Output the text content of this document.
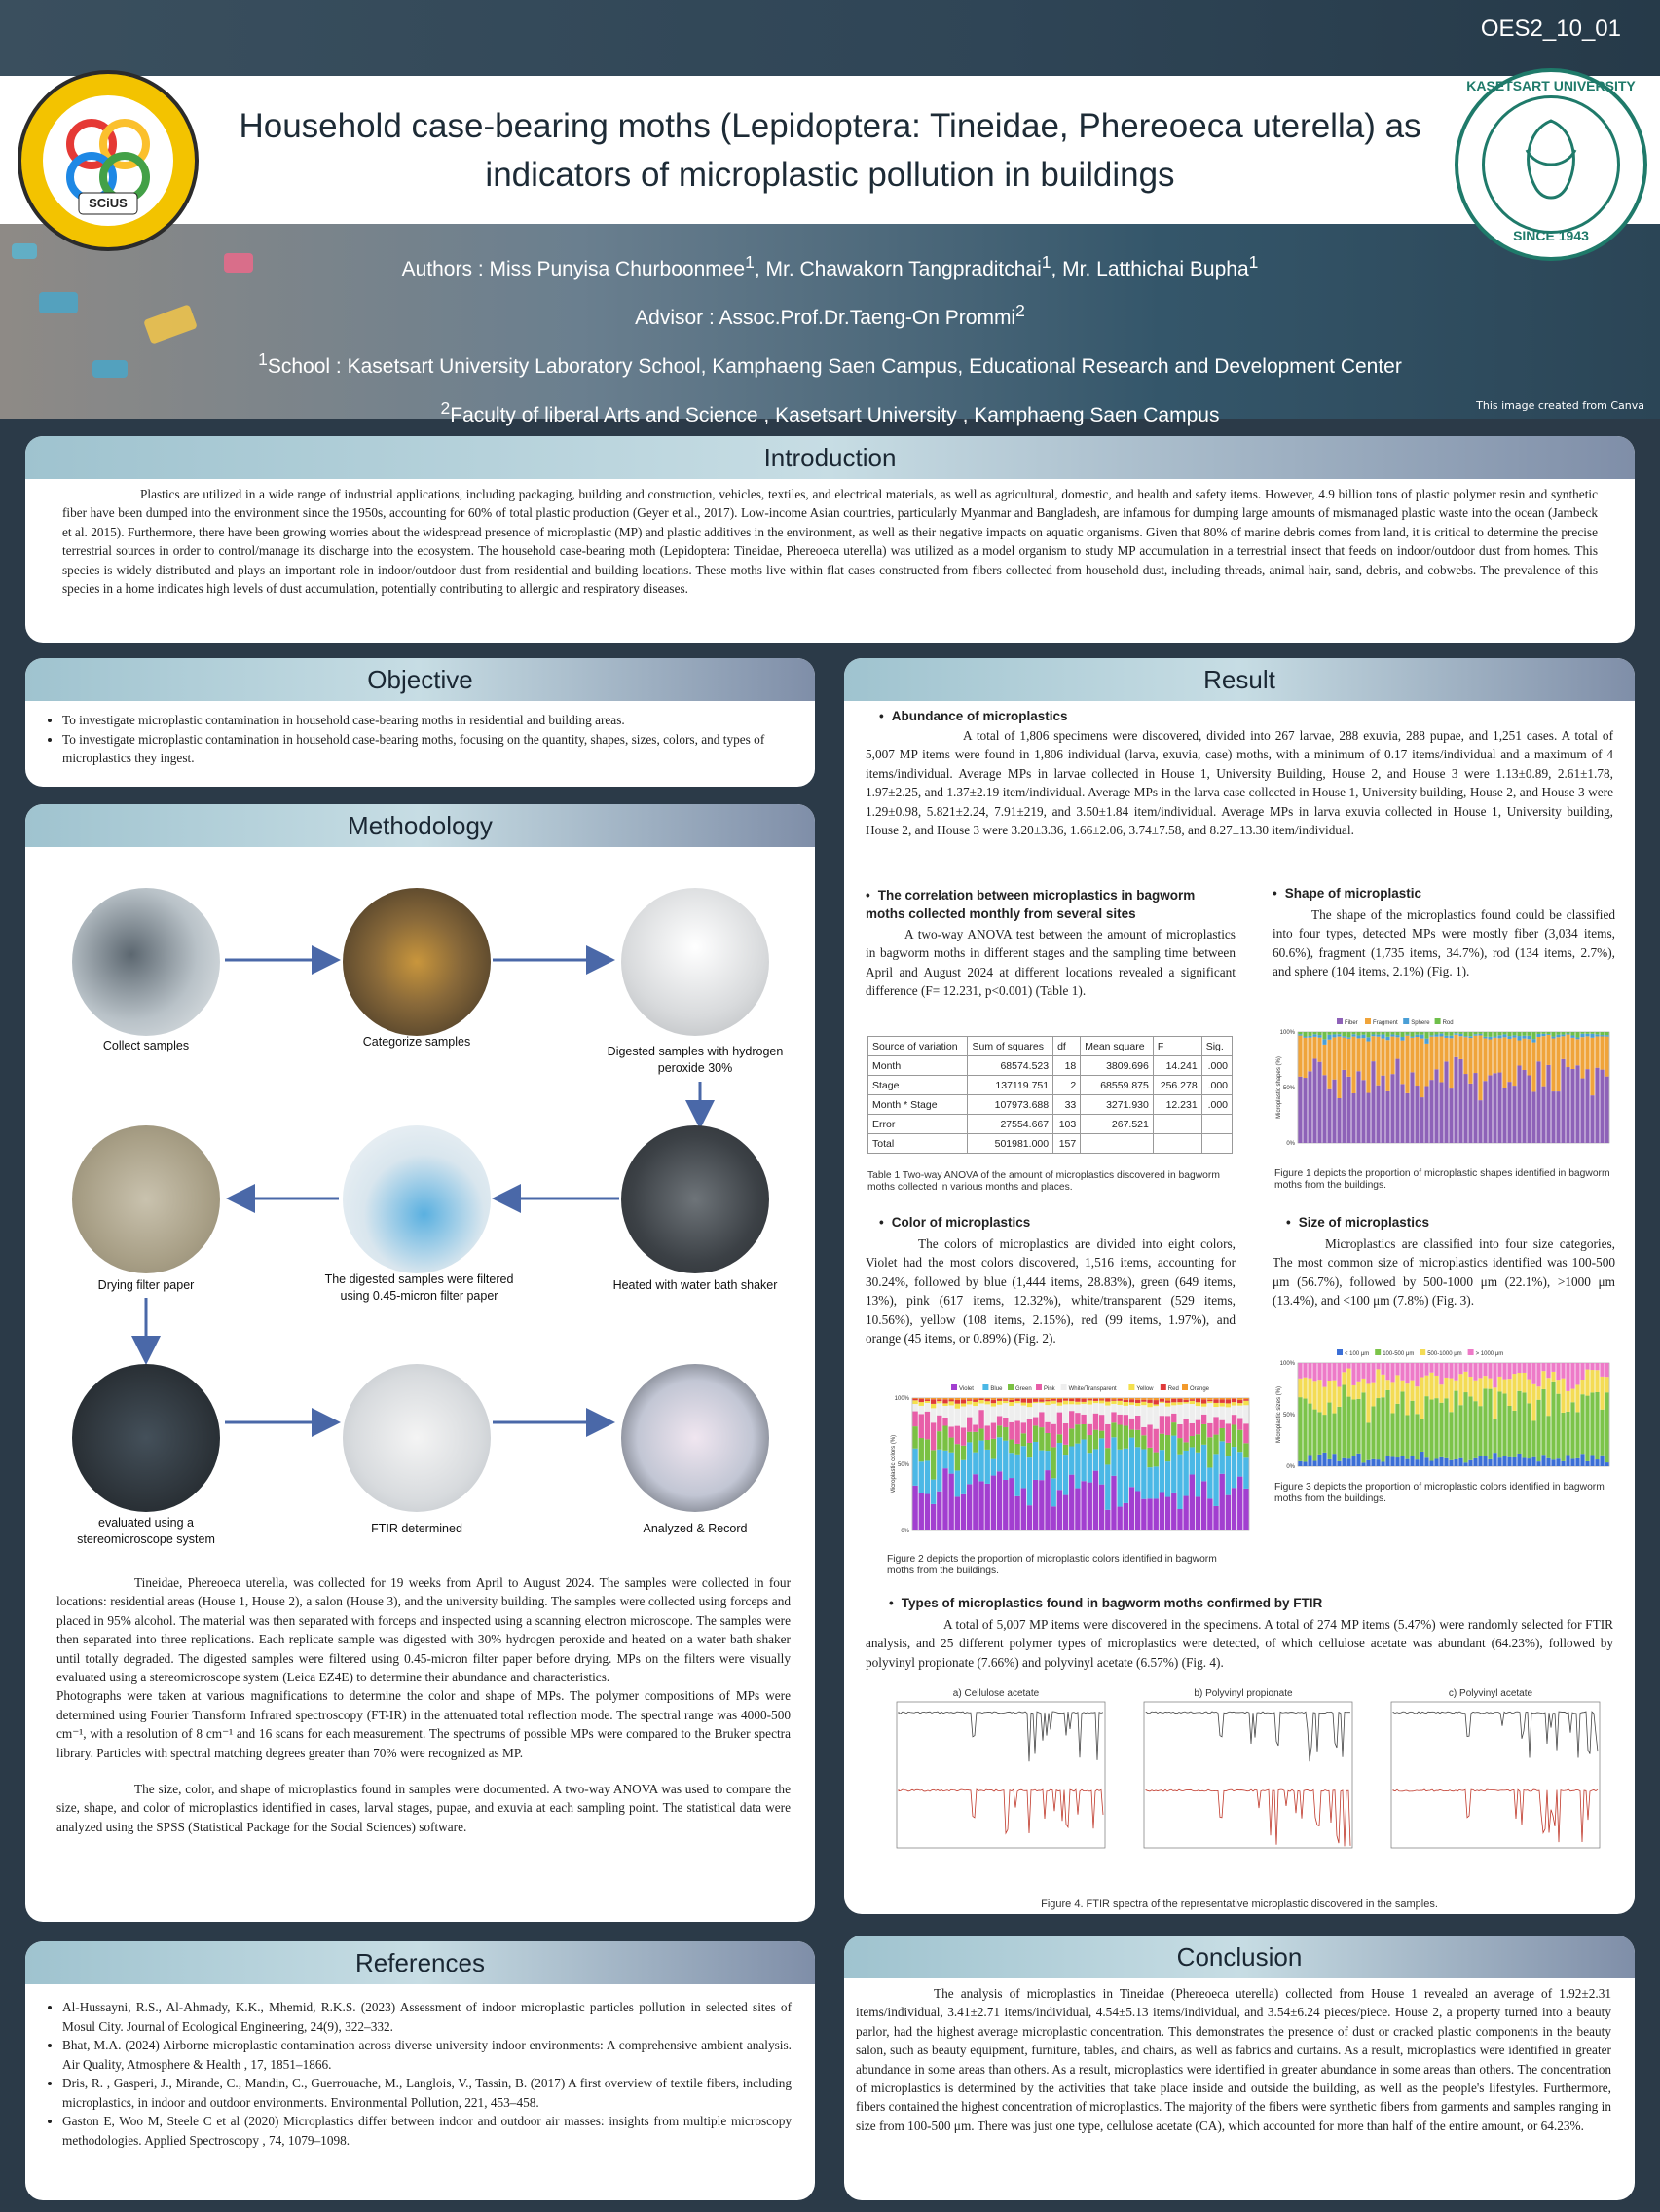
OES2_10_01
SCiUS
Household case-bearing moths (Lepidoptera: Tineidae, Phereoeca uterella) as indicators of microplastic pollution in buildings
KASETSART UNIVERSITY
SINCE 1943
Authors : Miss Punyisa Churboonmee$^1$, Mr. Chawakorn Tangpraditchai$^1$, Mr. Latthichai Bupha$^1$
Advisor : Assoc.Prof.Dr.Taeng-On Prommi$^2$
$^1$School : Kasetsart University Laboratory School, Kamphaeng Saen Campus, Educational Research and Development Center
$^2$Faculty of liberal Arts and Science , Kasetsart University , Kamphaeng Saen Campus	This image created from Canva
Introduction
Plastics are utilized in a wide range of industrial applications, including packaging, building and construction, vehicles, textiles, and electrical materials, as well as agricultural, domestic, and health and safety items. However, 4.9 billion tons of plastic polymer resin and synthetic fiber have been dumped into the environment since the 1950s, accounting for 60% of total plastic production (Geyer et al., 2017). Low-income Asian countries, particularly Myanmar and Bangladesh, are infamous for dumping large amounts of mismanaged plastic waste into the ocean (Jambeck et al. 2015). Furthermore, there have been growing worries about the widespread presence of microplastic (MP) and plastic additives in the environment, as well as their negative impacts on aquatic organisms. Given that 80% of marine debris comes from land, it is critical to determine the precise terrestrial sources in order to control/manage its discharge into the ecosystem. The household case-bearing moth (Lepidoptera: Tineidae, Phereoeca uterella) was utilized as a model organism to study MP accumulation in a terrestrial insect that feeds on indoor/outdoor dust from homes. This species is widely distributed and plays an important role in indoor/outdoor dust from residential and building locations. These moths live within flat cases constructed from fibers collected from household dust, including threads, animal hair, sand, debris, and cobwebs. The prevalence of this species in a home indicates high levels of dust accumulation, potentially contributing to allergic and respiratory diseases.
Objective
• To investigate microplastic contamination in household case-bearing moths in residential and building areas.
• To investigate microplastic contamination in household case-bearing moths, focusing on the quantity, shapes, sizes, colors, and types of microplastics they ingest.
Methodology
Collect samples	Categorize samples
Digested samples with hydrogen peroxide 30%
Drying filter paper	The digested samples were filtered using 0.45-micron filter paper
Heated with water bath shaker
evaluated using a stereomicroscope system
FTIR determined	Analyzed & Record

Tineidae, Phereoeca uterella, was collected for 19 weeks from April to August 2024. The samples were collected in four locations: residential areas (House 1, House 2), a salon (House 3), and the university building. The samples were collected using forceps and placed in 95% alcohol. The material was then separated with forceps and inspected using a scanning electron microscope. The samples were then separated into three replications. Each replicate sample was digested with 30% hydrogen peroxide and heated on a water bath shaker until totally degraded. The digested samples were filtered using 0.45-micron filter paper before drying. MPs on the filters were visually evaluated using a stereomicroscope system (Leica EZ4E) to determine their abundance and characteristics.

Photographs were taken at various magnifications to determine the color and shape of MPs. The polymer compositions of MPs were determined using Fourier Transform Infrared spectroscopy (FT-IR) in the attenuated total reflection mode. The spectral range was 4000-500 cm⁻¹, with a resolution of 8 cm⁻¹ and 16 scans for each measurement. The spectrums of possible MPs were compared to the Bruker spectra library. Particles with spectral matching degrees greater than 70% were recognized as MP.

The size, color, and shape of microplastics found in samples were documented. A two-way ANOVA was used to compare the size, shape, and color of microplastics identified in cases, larval stages, pupae, and exuvia at each sampling point. The statistical data were analyzed using the SPSS (Statistical Package for the Social Sciences) software.

References
• Al-Hussayni, R.S., Al-Ahmady, K.K., Mhemid, R.K.S. (2023) Assessment of indoor microplastic particles pollution in selected sites of Mosul City. Journal of Ecological Engineering, 24(9), 322–332.
• Bhat, M.A. (2024) Airborne microplastic contamination across diverse university indoor environments: A comprehensive ambient analysis. Air Quality, Atmosphere & Health , 17, 1851–1866.
• Dris, R. , Gasperi, J., Mirande, C., Mandin, C., Guerrouache, M., Langlois, V., Tassin, B. (2017) A first overview of textile fibers, including microplastics, in indoor and outdoor environments. Environmental Pollution, 221, 453–458.
• Gaston E, Woo M, Steele C et al (2020) Microplastics differ between indoor and outdoor air masses: insights from multiple microscopy methodologies. Applied Spectroscopy , 74, 1079–1098.
Result
• Abundance of microplastics
A total of 1,806 specimens were discovered, divided into 267 larvae, 288 exuvia, 288 pupae, and 1,251 cases. A total of 5,007 MP items were found in 1,806 individual (larva, exuvia, case) moths, with a minimum of 0.17 items/individual and a maximum of 4 items/individual. Average MPs in larvae collected in House 1, University Building, House 2, and House 3 were 1.13±0.89, 2.61±1.78, 1.97±2.25, and 1.37±2.19 item/individual. Average MPs in the larva case collected in House 1, University building, House 2, and House 3 were 1.29±0.98, 5.821±2.24, 7.91±219, and 3.50±1.84 item/individual. Average MPs in larva exuvia collected in House 1, University building, House 2, and House 3 were 3.20±3.36, 1.66±2.06, 3.74±7.58, and 8.27±13.30 item/individual.
• The correlation between microplastics in bagworm moths collected monthly from several sites
A two-way ANOVA test between the amount of microplastics in bagworm moths in different stages and the sampling time between April and August 2024 at different locations revealed a significant difference (F= 12.231, p<0.001) (Table 1).
Source of variation	Sum of squares	df	Mean square	F	Sig.
Month	68574.523	18	3809.696	14.241	.000
Stage	137119.751	2	68559.875	256.278	.000
Month * Stage	107973.688	33	3271.930	12.231	.000
Error	27554.667	103	267.521		
Total	501981.000	157			
Table 1 Two-way ANOVA of the amount of microplastics discovered in bagworm moths collected in various months and places.
• Shape of microplastic
The shape of the microplastics found could be classified into four types, detected MPs were mostly fiber (3,034 items, 60.6%), fragment (1,735 items, 34.7%), rod (134 items, 2.7%), and sphere (104 items, 2.1%) (Fig. 1).
Fiber	Fragment Sphere Rod
Microplastic shapes (%)
0%
50%
100%
Figure 1 depicts the proportion of microplastic shapes identified in bagworm moths from the buildings.
• Color of microplastics
The colors of microplastics are divided into eight colors, Violet had the most colors discovered, 1,516 items, accounting for 30.24%, followed by blue (1,444 items, 28.83%), green (649 items, 13%), pink (617 items, 12.32%), white/transparent (529 items, 10.56%), yellow (108 items, 2.15%), red (99 items, 1.97%), and orange (45 items, or 0.89%) (Fig. 2).
Violet	Blue Green Pink White/Transparent	Yellow	Red Orange
Microplastic colors (%)
0%
50%
100%
Figure 2 depicts the proportion of microplastic colors identified in bagworm moths from the buildings.
• Size of microplastics
Microplastics are classified into four size categories, The most common size of microplastics identified was 100-500 μm (56.7%), followed by 500-1000 μm (22.1%), >1000 μm (13.4%), and <100 μm (7.8%) (Fig. 3).
< 100 μm 100-500 μm 500-1000 μm > 1000 μm
Microplastic sizes (%)
0%
50%
100%
Figure 3 depicts the proportion of microplastic colors identified in bagworm moths from the buildings.
• Types of microplastics found in bagworm moths confirmed by FTIR
A total of 5,007 MP items were discovered in the specimens. A total of 274 MP items (5.47%) were randomly selected for FTIR analysis, and 25 different polymer types of microplastics were detected, of which cellulose acetate was abundant (64.23%), followed by polyvinyl propionate (7.66%) and polyvinyl acetate (6.57%) (Fig. 4).
a) Cellulose acetate	b) Polyvinyl propionate	c) Polyvinyl acetate
Figure 4. FTIR spectra of the representative microplastic discovered in the samples.
Conclusion
The analysis of microplastics in Tineidae (Phereoeca uterella) collected from House 1 revealed an average of 1.92±2.31 items/individual, 3.41±2.71 items/individual, 4.54±5.13 items/individual, and 3.54±6.24 pieces/piece. House 2, a property turned into a beauty parlor, had the highest average microplastic concentration. This demonstrates the presence of dust or cracked plastic components in the beauty salon, such as beauty equipment, furniture, tables, and chairs, as well as fabrics and curtains. As a result, microplastics were identified in greater abundance in some areas than others. As a result, microplastics were identified in greater abundance in some areas than others. The concentration of microplastics is determined by the activities that take place inside and outside the building, as well as the people's lifestyles. Furthermore, fibers contained the highest concentration of microplastics. The majority of the fibers were synthetic fibers from garments and samples ranging in size from 100-500 μm. There was just one type, cellulose acetate (CA), which accounted for more than half of the entire amount, or 64.23%.
